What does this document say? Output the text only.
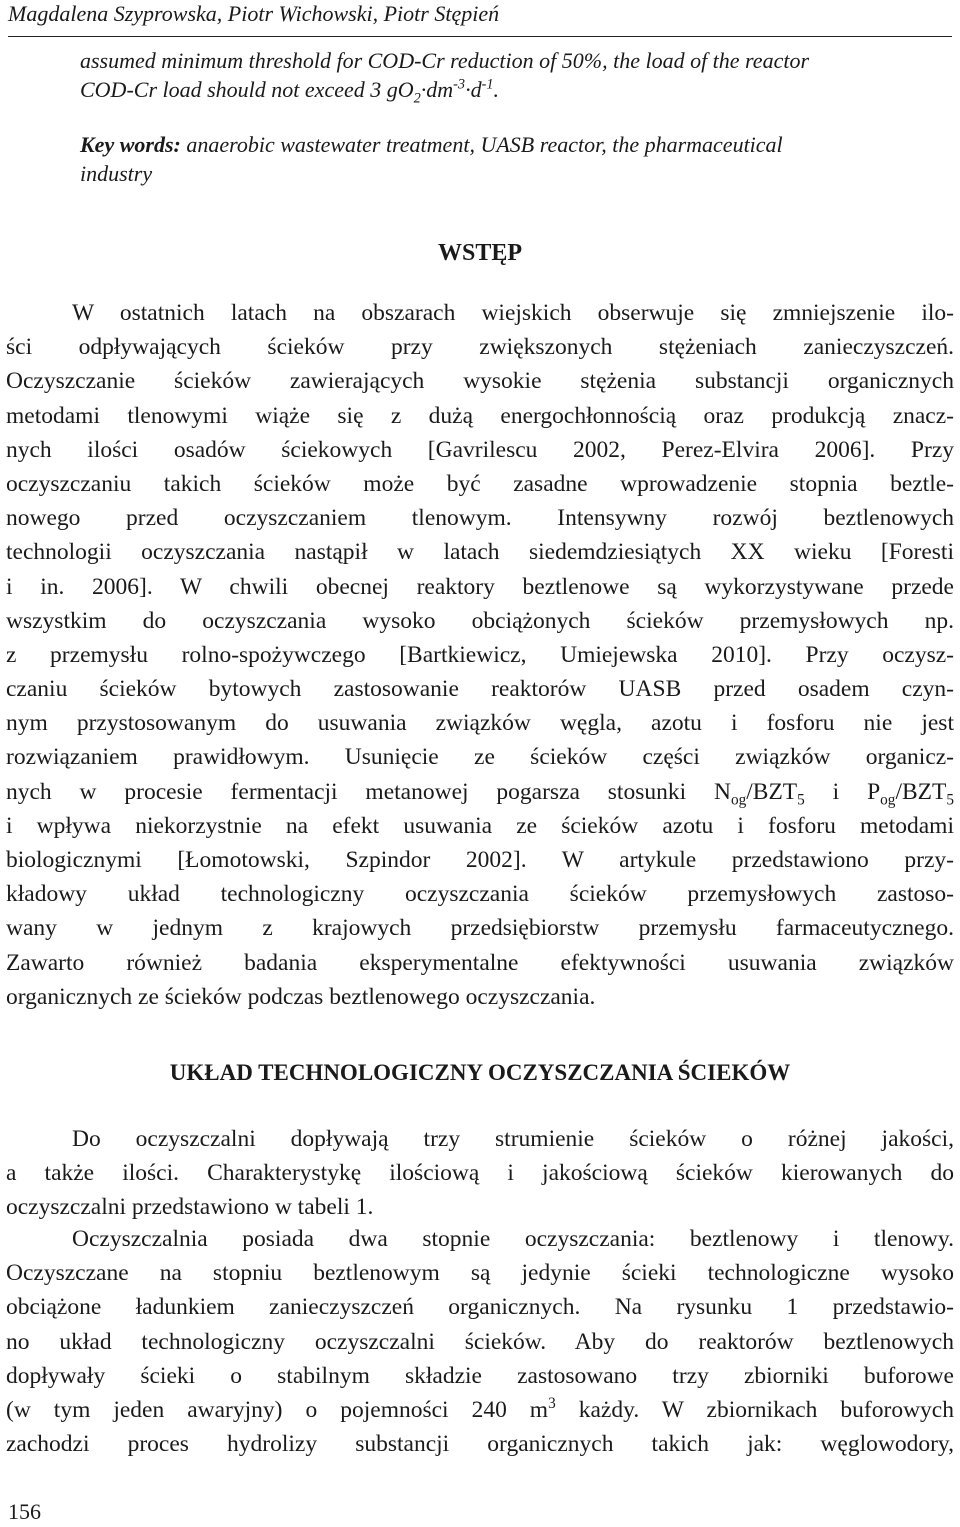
Magdalena Szyprowska, Piotr Wichowski, Piotr Stępień
assumed minimum threshold for COD-Cr reduction of 50%, the load of the reactor
COD-Cr load should not exceed 3 $gO_2\cdot dm^{-3}\cdot d^{-1}$.
Key words: anaerobic wastewater treatment, UASB reactor, the pharmaceutical
industry
WSTĘP
W ostatnich latach na obszarach wiejskich obserwuje się zmniejszenie ilo-
ści odpływających ścieków przy zwiększonych stężeniach zanieczyszczeń.
Oczyszczanie ścieków zawierających wysokie stężenia substancji organicznych
metodami tlenowymi wiąże się z dużą energochłonnością oraz produkcją znacz-
nych ilości osadów ściekowych [Gavrilescu 2002, Perez-Elvira 2006]. Przy
oczyszczaniu takich ścieków może być zasadne wprowadzenie stopnia beztle-
nowego przed oczyszczaniem tlenowym. Intensywny rozwój beztlenowych
technologii oczyszczania nastąpił w latach siedemdziesiątych XX wieku [Foresti
i in. 2006]. W chwili obecnej reaktory beztlenowe są wykorzystywane przede
wszystkim do oczyszczania wysoko obciążonych ścieków przemysłowych np.
z przemysłu rolno-spożywczego [Bartkiewicz, Umiejewska 2010]. Przy oczysz-
czaniu ścieków bytowych zastosowanie reaktorów UASB przed osadem czyn-
nym przystosowanym do usuwania związków węgla, azotu i fosforu nie jest
rozwiązaniem prawidłowym. Usunięcie ze ścieków części związków organicz-
nych w procesie fermentacji metanowej pogarsza stosunki $N_{og}/BZT_5$ i $P_{og}/BZT_5$
i wpływa niekorzystnie na efekt usuwania ze ścieków azotu i fosforu metodami
biologicznymi [Łomotowski, Szpindor 2002]. W artykule przedstawiono przy-
kładowy układ technologiczny oczyszczania ścieków przemysłowych zastoso-
wany w jednym z krajowych przedsiębiorstw przemysłu farmaceutycznego.
Zawarto również badania eksperymentalne efektywności usuwania związków
organicznych ze ścieków podczas beztlenowego oczyszczania.
UKŁAD TECHNOLOGICZNY OCZYSZCZANIA ŚCIEKÓW
Do oczyszczalni dopływają trzy strumienie ścieków o różnej jakości,
a także ilości. Charakterystykę ilościową i jakościową ścieków kierowanych do
oczyszczalni przedstawiono w tabeli 1.
Oczyszczalnia posiada dwa stopnie oczyszczania: beztlenowy i tlenowy.
Oczyszczane na stopniu beztlenowym są jedynie ścieki technologiczne wysoko
obciążone ładunkiem zanieczyszczeń organicznych. Na rysunku 1 przedstawio-
no układ technologiczny oczyszczalni ścieków. Aby do reaktorów beztlenowych
dopływały ścieki o stabilnym składzie zastosowano trzy zbiorniki buforowe
(w tym jeden awaryjny) o pojemności 240 $m^3$ każdy. W zbiornikach buforowych
zachodzi proces hydrolizy substancji organicznych takich jak: węglowodory,
156
